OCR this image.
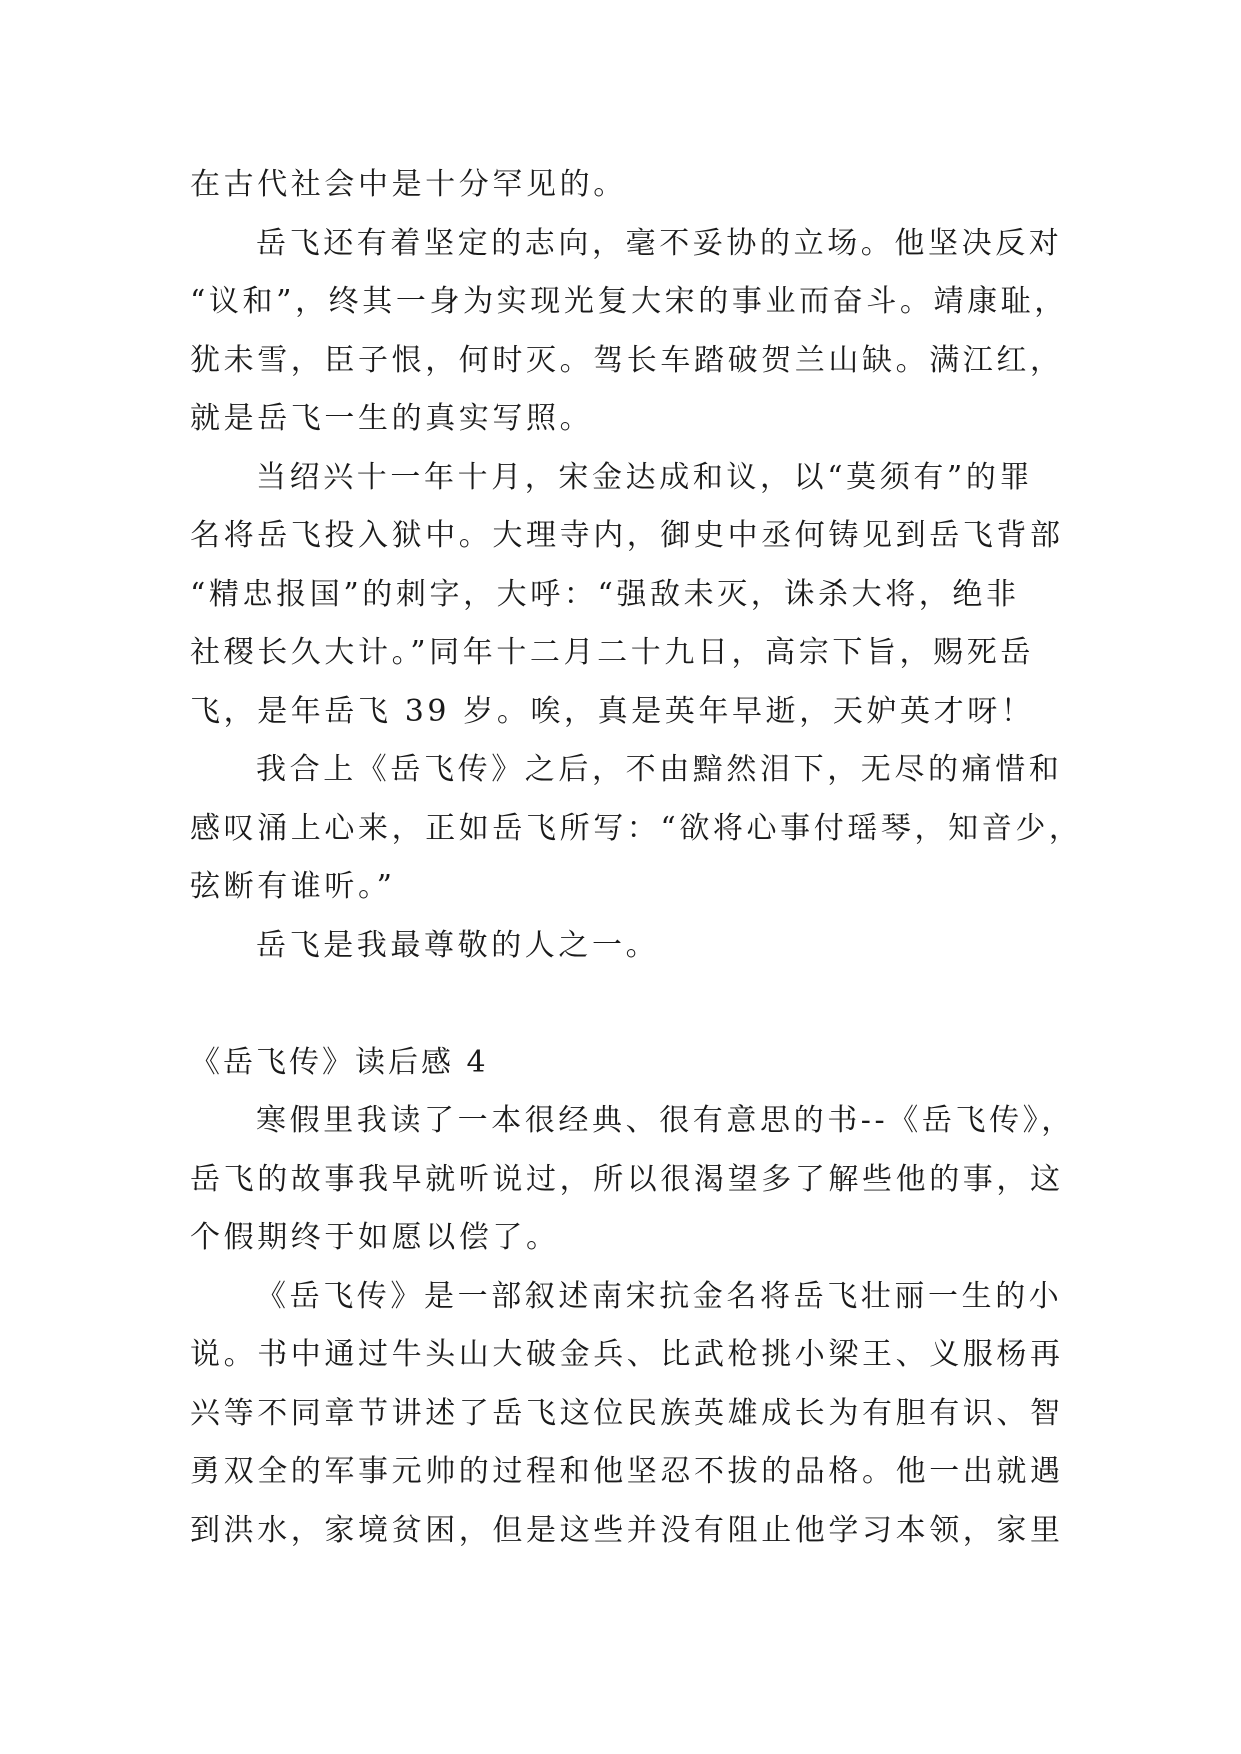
在古代社会中是十分罕见的。
岳飞还有着坚定的志向，毫不妥协的立场。他坚决反对
“议和”，终其一身为实现光复大宋的事业而奋斗。靖康耻，
犹未雪，臣子恨，何时灭。驾长车踏破贺兰山缺。满江红，
就是岳飞一生的真实写照。
当绍兴十一年十月，宋金达成和议，以“莫须有”的罪
名将岳飞投入狱中。大理寺内，御史中丞何铸见到岳飞背部
“精忠报国”的刺字，大呼：“强敌未灭，诛杀大将，绝非
社稷长久大计。”同年十二月二十九日，高宗下旨，赐死岳
飞，是年岳飞 39 岁。唉，真是英年早逝，天妒英才呀！
我合上《岳飞传》之后，不由黯然泪下，无尽的痛惜和
感叹涌上心来，正如岳飞所写：“欲将心事付瑶琴，知音少，
弦断有谁听。”
岳飞是我最尊敬的人之一。
《岳飞传》读后感 4
寒假里我读了一本很经典、很有意思的书--《岳飞传》，
岳飞的故事我早就听说过，所以很渴望多了解些他的事，这
个假期终于如愿以偿了。
《岳飞传》是一部叙述南宋抗金名将岳飞壮丽一生的小
说。书中通过牛头山大破金兵、比武枪挑小梁王、义服杨再
兴等不同章节讲述了岳飞这位民族英雄成长为有胆有识、智
勇双全的军事元帅的过程和他坚忍不拔的品格。他一出就遇
到洪水，家境贫困，但是这些并没有阻止他学习本领，家里
